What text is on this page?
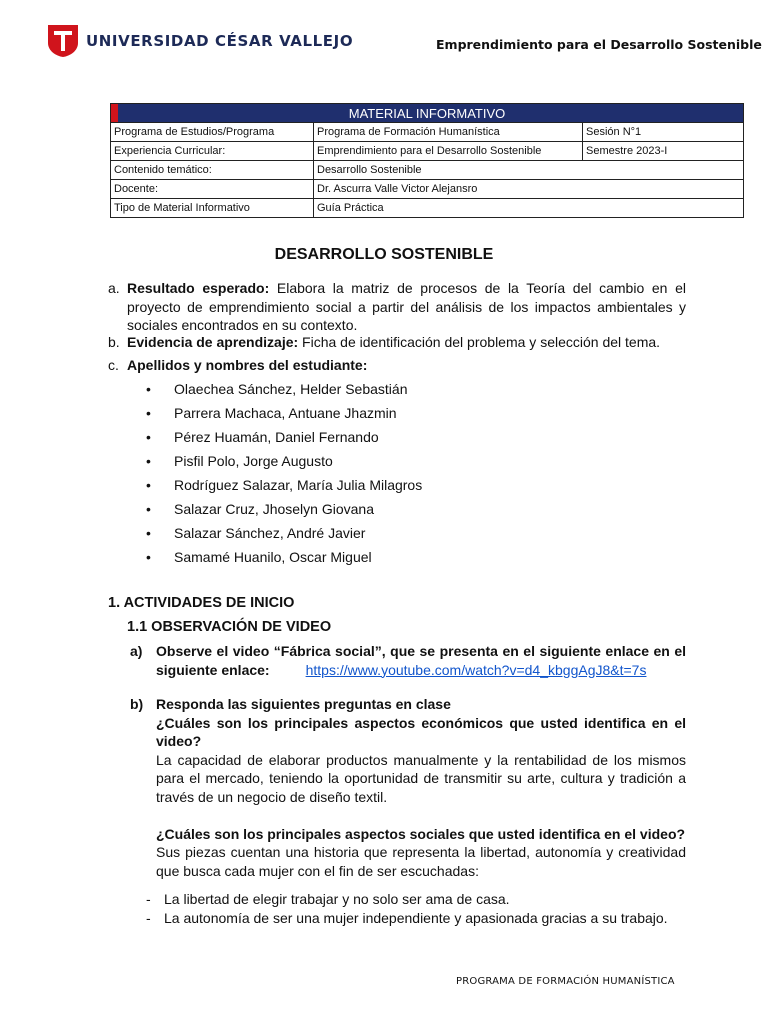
UNIVERSIDAD CÉSAR VALLEJO	Emprendimiento para el Desarrollo Sostenible
MATERIAL INFORMATIVO		
Programa de Estudios/Programa	Programa de Formación Humanística	Sesión N°1
Experiencia Curricular:	Emprendimiento para el Desarrollo Sostenible	Semestre 2023-I
Contenido temático:	Desarrollo Sostenible	
Docente:	Dr. Ascurra Valle Victor Alejansro	
Tipo de Material Informativo	Guía Práctica	
DESARROLLO SOSTENIBLE
a. Resultado esperado: Elabora la matriz de procesos de la Teoría del cambio en el proyecto de emprendimiento social a partir del análisis de los impactos ambientales y sociales encontrados en su contexto.
b. Evidencia de aprendizaje: Ficha de identificación del problema y selección del tema.
c. Apellidos y nombres del estudiante:
• Olaechea Sánchez, Helder Sebastián
• Parrera Machaca, Antuane Jhazmin
• Pérez Huamán, Daniel Fernando
• Pisfil Polo, Jorge Augusto
• Rodríguez Salazar, María Julia Milagros
• Salazar Cruz, Jhoselyn Giovana
• Salazar Sánchez, André Javier
• Samamé Huanilo, Oscar Miguel
1. ACTIVIDADES DE INICIO
1.1 OBSERVACIÓN DE VIDEO
a) Observe el video “Fábrica social”, que se presenta en el siguiente enlace en el siguiente enlace:	https://www.youtube.com/watch?v=d4_kbggAgJ8&t=7s
b) Responda las siguientes preguntas en clase
¿Cuáles son los principales aspectos económicos que usted identifica en el video?
La capacidad de elaborar productos manualmente y la rentabilidad de los mismos para el mercado, teniendo la oportunidad de transmitir su arte, cultura y tradición a través de un negocio de diseño textil.
¿Cuáles son los principales aspectos sociales que usted identifica en el video?
Sus piezas cuentan una historia que representa la libertad, autonomía y creatividad que busca cada mujer con el fin de ser escuchadas:
- La libertad de elegir trabajar y no solo ser ama de casa.
- La autonomía de ser una mujer independiente y apasionada gracias a su trabajo.
PROGRAMA DE FORMACIÓN HUMANÍSTICA
